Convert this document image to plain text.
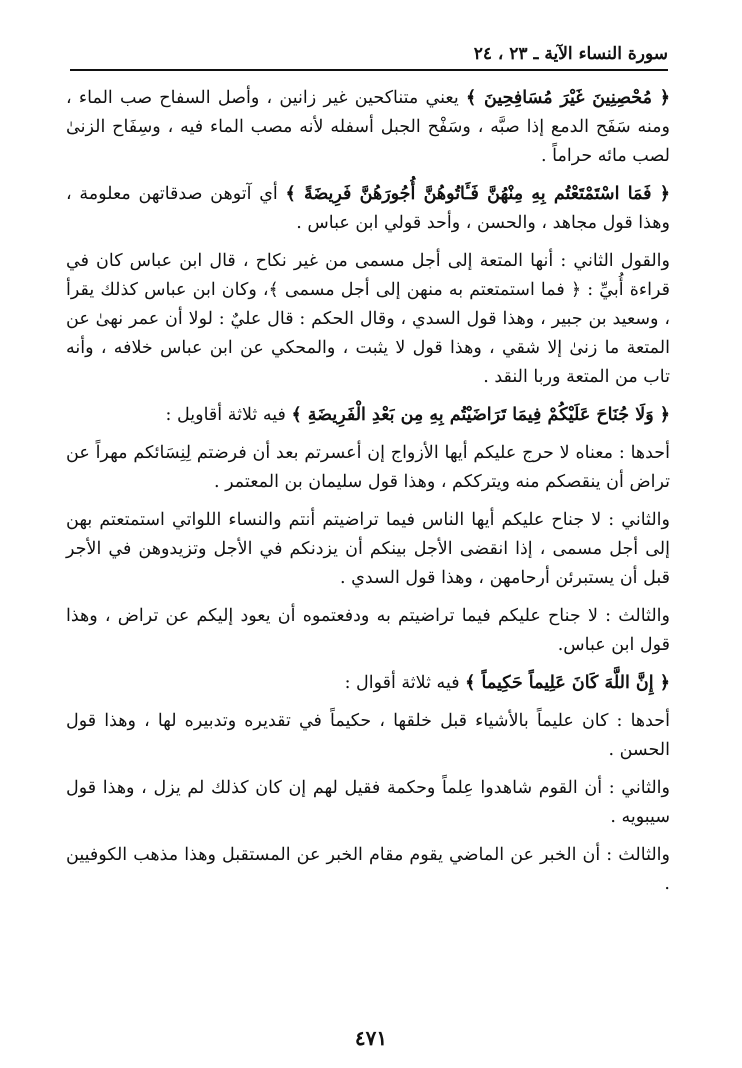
سورة النساء الآية ـ ٢٣ ، ٢٤

﴿ مُحْصِنِينَ غَيْرَ مُسَافِحِينَ ﴾ يعني متناكحين غير زانين ، وأصل السفاح صب الماء ، ومنه سَفَح الدمع إذا صبَّه ، وسَفْح الجبل أسفله لأنه مصب الماء فيه ، وسِفَاح الزنىٰ لصب مائه حراماً .

﴿ فَمَا اسْتَمْتَعْتُم بِهِ مِنْهُنَّ فَـَٔاتُوهُنَّ أُجُورَهُنَّ فَرِيضَةً ﴾ أي آتوهن صدقاتهن معلومة ، وهذا قول مجاهد ، والحسن ، وأحد قولي ابن عباس .

والقول الثاني : أنها المتعة إلى أجل مسمى من غير نكاح ، قال ابن عباس كان في قراءة أُبيِّ : ﴿ فما استمتعتم به منهن إلى أجل مسمى ﴾، وكان ابن عباس كذلك يقرأ ، وسعيد بن جبير ، وهذا قول السدي ، وقال الحكم : قال عليٌ : لولا أن عمر نهىٰ عن المتعة ما زنىٰ إلا شقي ، وهذا قول لا يثبت ، والمحكي عن ابن عباس خلافه ، وأنه تاب من المتعة وربا النقد .

﴿ وَلَا جُنَاحَ عَلَيْكُمْ فِيمَا تَرَاضَيْتُم بِهِ مِن بَعْدِ الْفَرِيضَةِ ﴾ فيه ثلاثة أقاويل :

أحدها : معناه لا حرج عليكم أيها الأزواج إن أعسرتم بعد أن فرضتم لِنِسَائكم مهراً عن تراض أن ينقصكم منه ويترككم ، وهذا قول سليمان بن المعتمر .

والثاني : لا جناح عليكم أيها الناس فيما تراضيتم أنتم والنساء اللواتي استمتعتم بهن إلى أجل مسمى ، إذا انقضى الأجل بينكم أن يزدنكم في الأجل وتزيدوهن في الأجر قبل أن يستبرئن أرحامهن ، وهذا قول السدي .

والثالث : لا جناح عليكم فيما تراضيتم به ودفعتموه أن يعود إليكم عن تراض ، وهذا قول ابن عباس.

﴿ إِنَّ اللَّهَ كَانَ عَلِيماً حَكِيماً ﴾ فيه ثلاثة أقوال :

أحدها : كان عليماً بالأشياء قبل خلقها ، حكيماً في تقديره وتدبيره لها ، وهذا قول الحسن .

والثاني : أن القوم شاهدوا عِلماً وحكمة فقيل لهم إن كان كذلك لم يزل ، وهذا قول سيبويه .

والثالث : أن الخبر عن الماضي يقوم مقام الخبر عن المستقبل وهذا مذهب الكوفيين .

٤٧١
